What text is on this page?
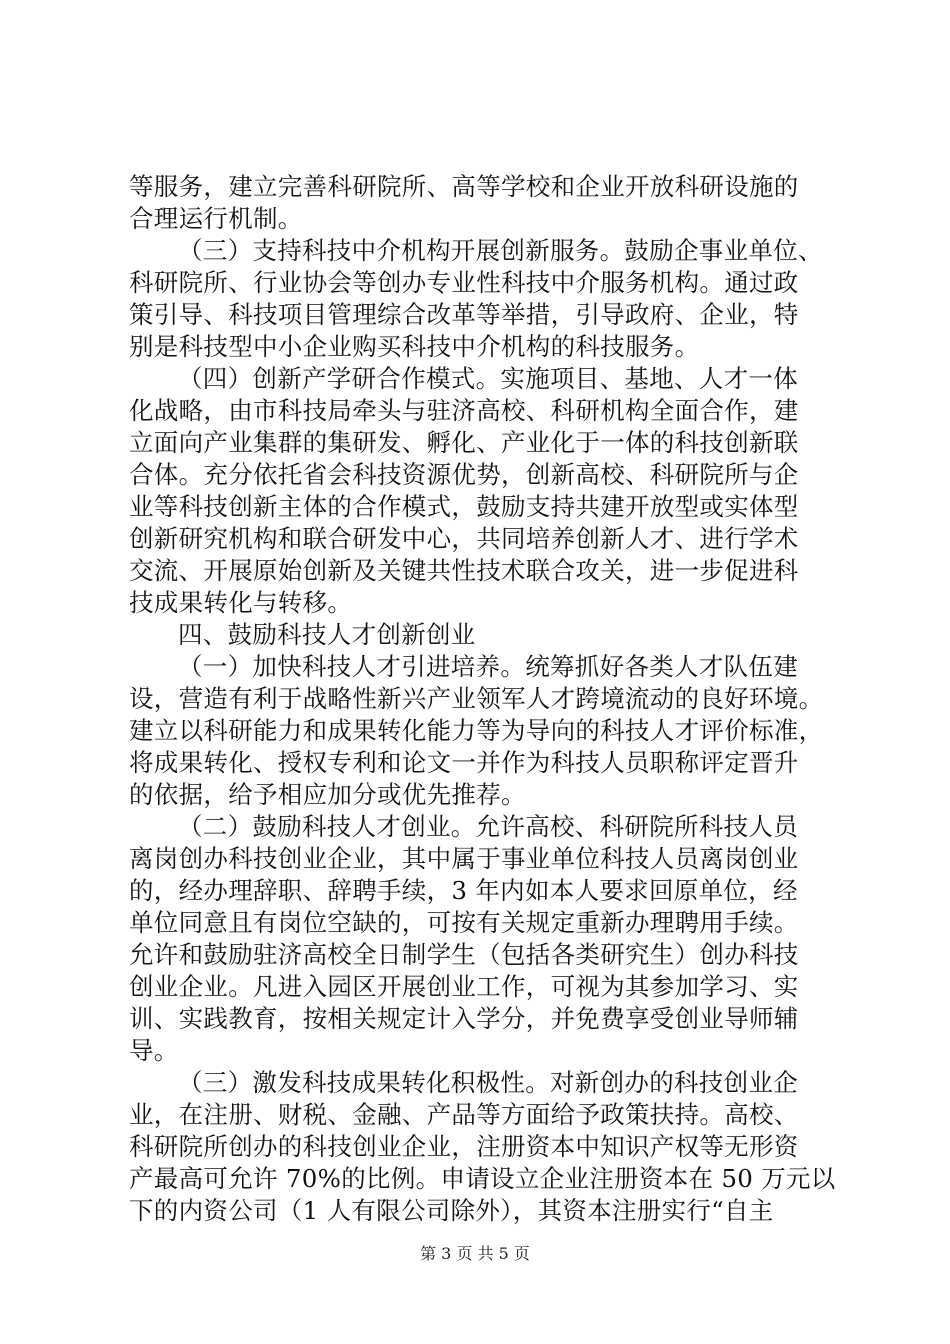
等服务，建立完善科研院所、高等学校和企业开放科研设施的
合理运行机制。
（三）支持科技中介机构开展创新服务。鼓励企事业单位、
科研院所、行业协会等创办专业性科技中介服务机构。通过政
策引导、科技项目管理综合改革等举措，引导政府、企业，特
别是科技型中小企业购买科技中介机构的科技服务。
（四）创新产学研合作模式。实施项目、基地、人才一体
化战略，由市科技局牵头与驻济高校、科研机构全面合作，建
立面向产业集群的集研发、孵化、产业化于一体的科技创新联
合体。充分依托省会科技资源优势，创新高校、科研院所与企
业等科技创新主体的合作模式，鼓励支持共建开放型或实体型
创新研究机构和联合研发中心，共同培养创新人才、进行学术
交流、开展原始创新及关键共性技术联合攻关，进一步促进科
技成果转化与转移。
四、鼓励科技人才创新创业
（一）加快科技人才引进培养。统筹抓好各类人才队伍建
设，营造有利于战略性新兴产业领军人才跨境流动的良好环境。
建立以科研能力和成果转化能力等为导向的科技人才评价标准，
将成果转化、授权专利和论文一并作为科技人员职称评定晋升
的依据，给予相应加分或优先推荐。
（二）鼓励科技人才创业。允许高校、科研院所科技人员
离岗创办科技创业企业，其中属于事业单位科技人员离岗创业
的，经办理辞职、辞聘手续，3 年内如本人要求回原单位，经
单位同意且有岗位空缺的，可按有关规定重新办理聘用手续。
允许和鼓励驻济高校全日制学生（包括各类研究生）创办科技
创业企业。凡进入园区开展创业工作，可视为其参加学习、实
训、实践教育，按相关规定计入学分，并免费享受创业导师辅
导。
（三）激发科技成果转化积极性。对新创办的科技创业企
业，在注册、财税、金融、产品等方面给予政策扶持。高校、
科研院所创办的科技创业企业，注册资本中知识产权等无形资
产最高可允许 70%的比例。申请设立企业注册资本在 50 万元以
下的内资公司（1 人有限公司除外），其资本注册实行“自主
第 3 页 共 5 页
